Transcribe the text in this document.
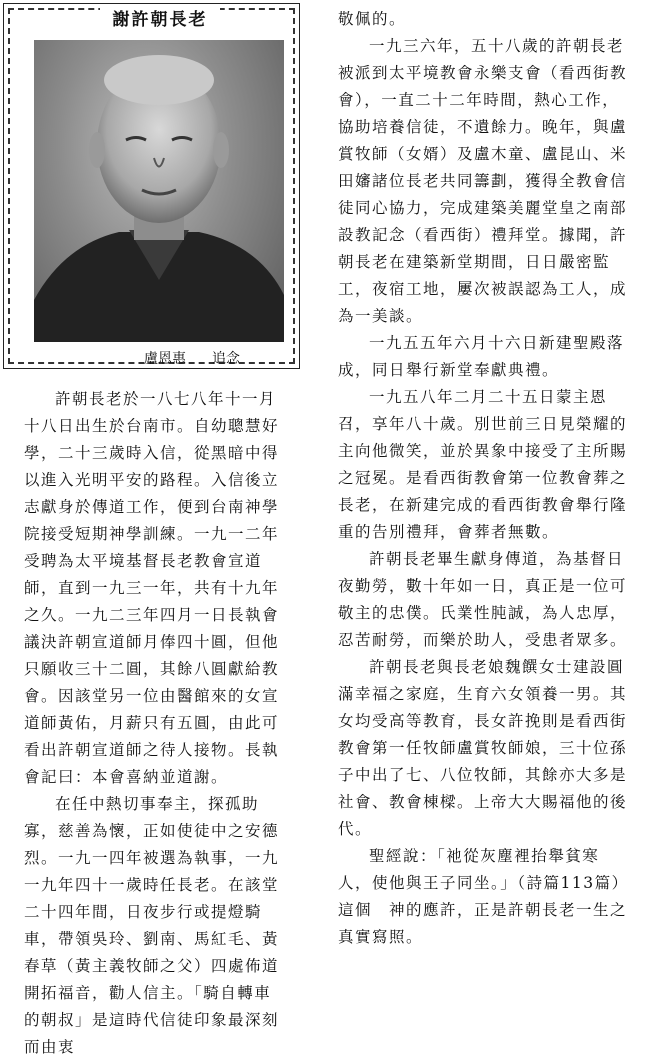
謝許朝長老
盧恩惠 追念

許朝長老於一八七八年十一月十八日出生於台南市。自幼聰慧好學，二十三歲時入信，從黑暗中得以進入光明平安的路程。入信後立志獻身於傳道工作，便到台南神學院接受短期神學訓練。一九一二年受聘為太平境基督長老教會宣道師，直到一九三一年，共有十九年之久。一九二三年四月一日長執會議決許朝宣道師月俸四十圓，但他只願收三十二圓，其餘八圓獻給教會。因該堂另一位由醫館來的女宣道師黃佑，月薪只有五圓，由此可看出許朝宣道師之待人接物。長執會記曰：本會喜納並道謝。

在任中熱切事奉主，探孤助寡，慈善為懷，正如使徒中之安德烈。一九一四年被選為執事，一九一九年四十一歲時任長老。在該堂二十四年間，日夜步行或提燈騎車，帶領吳玲、劉南、馬紅毛、黃春草（黃主義牧師之父）四處佈道開拓福音，勸人信主。「騎自轉車的朝叔」是這時代信徒印象最深刻而由衷

敬佩的。

一九三六年，五十八歲的許朝長老被派到太平境教會永樂支會（看西街教會），一直二十二年時間，熱心工作，協助培養信徒，不遺餘力。晚年，與盧賞牧師（女婿）及盧木童、盧昆山、米田嬸諸位長老共同籌劃，獲得全教會信徒同心協力，完成建築美麗堂皇之南部設教記念（看西街）禮拜堂。據聞，許朝長老在建築新堂期間，日日嚴密監工，夜宿工地，屢次被誤認為工人，成為一美談。

一九五五年六月十六日新建聖殿落成，同日舉行新堂奉獻典禮。

一九五八年二月二十五日蒙主恩召，享年八十歲。別世前三日見榮耀的主向他微笑，並於異象中接受了主所賜之冠冕。是看西街教會第一位教會葬之長老，在新建完成的看西街教會舉行隆重的告別禮拜，會葬者無數。

許朝長老畢生獻身傳道，為基督日夜勤勞，數十年如一日，真正是一位可敬主的忠僕。氏業性肫誠，為人忠厚，忍苦耐勞，而樂於助人，受患者眾多。

許朝長老與長老娘魏饌女士建設圓滿幸福之家庭，生育六女領養一男。其女均受高等教育，長女許挽則是看西街教會第一任牧師盧賞牧師娘，三十位孫子中出了七、八位牧師，其餘亦大多是社會、教會棟樑。上帝大大賜福他的後代。

聖經說：「祂從灰塵裡抬舉貧寒人，使他與王子同坐。」（詩篇113篇）

這個　神的應許，正是許朝長老一生之真實寫照。
